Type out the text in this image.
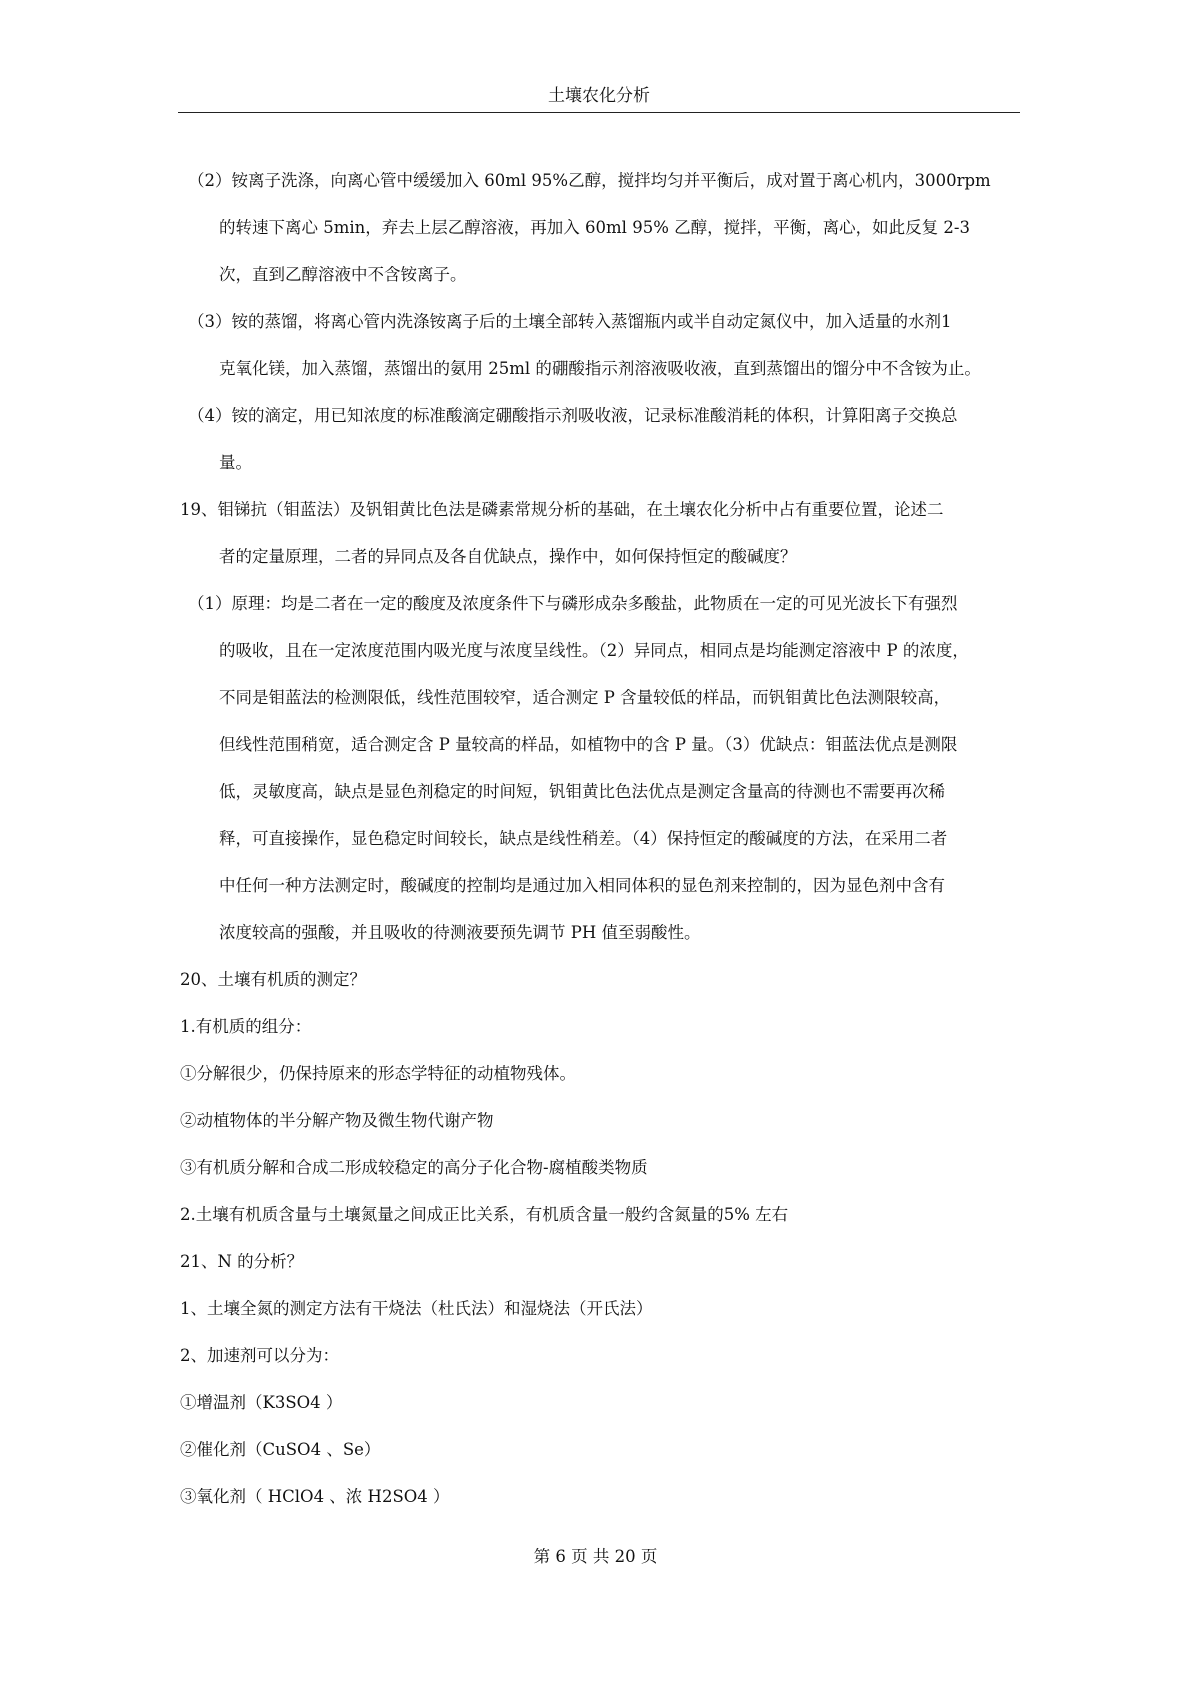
土壤农化分析
（2）铵离子洗涤，向离心管中缓缓加入 60ml 95%乙醇，搅拌均匀并平衡后，成对置于离心机内，3000rpm
的转速下离心 5min，弃去上层乙醇溶液，再加入 60ml 95% 乙醇，搅拌，平衡，离心，如此反复 2-3
次，直到乙醇溶液中不含铵离子。
（3）铵的蒸馏，将离心管内洗涤铵离子后的土壤全部转入蒸馏瓶内或半自动定氮仪中，加入适量的水剂1
克氧化镁，加入蒸馏，蒸馏出的氨用 25ml 的硼酸指示剂溶液吸收液，直到蒸馏出的馏分中不含铵为止。
（4）铵的滴定，用已知浓度的标准酸滴定硼酸指示剂吸收液，记录标准酸消耗的体积，计算阳离子交换总
量。
19、钼锑抗（钼蓝法）及钒钼黄比色法是磷素常规分析的基础，在土壤农化分析中占有重要位置，论述二
者的定量原理，二者的异同点及各自优缺点，操作中，如何保持恒定的酸碱度？
（1）原理：均是二者在一定的酸度及浓度条件下与磷形成杂多酸盐，此物质在一定的可见光波长下有强烈
的吸收，且在一定浓度范围内吸光度与浓度呈线性。（2）异同点，相同点是均能测定溶液中 P 的浓度，
不同是钼蓝法的检测限低，线性范围较窄，适合测定 P 含量较低的样品，而钒钼黄比色法测限较高，
但线性范围稍宽，适合测定含 P 量较高的样品，如植物中的含 P 量。（3）优缺点：钼蓝法优点是测限
低，灵敏度高，缺点是显色剂稳定的时间短，钒钼黄比色法优点是测定含量高的待测也不需要再次稀
释，可直接操作，显色稳定时间较长，缺点是线性稍差。（4）保持恒定的酸碱度的方法，在采用二者
中任何一种方法测定时，酸碱度的控制均是通过加入相同体积的显色剂来控制的，因为显色剂中含有
浓度较高的强酸，并且吸收的待测液要预先调节 PH 值至弱酸性。
20、土壤有机质的测定？
1.有机质的组分：
①分解很少，仍保持原来的形态学特征的动植物残体。
②动植物体的半分解产物及微生物代谢产物
③有机质分解和合成二形成较稳定的高分子化合物-腐植酸类物质
2.土壤有机质含量与土壤氮量之间成正比关系，有机质含量一般约含氮量的5% 左右
21、N 的分析？
1、土壤全氮的测定方法有干烧法（杜氏法）和湿烧法（开氏法）
2、加速剂可以分为：
①增温剂（K3SO4 ）
②催化剂（CuSO4 、Se）
③氧化剂（ HClO4 、浓 H2SO4 ）
第 6 页 共 20 页
